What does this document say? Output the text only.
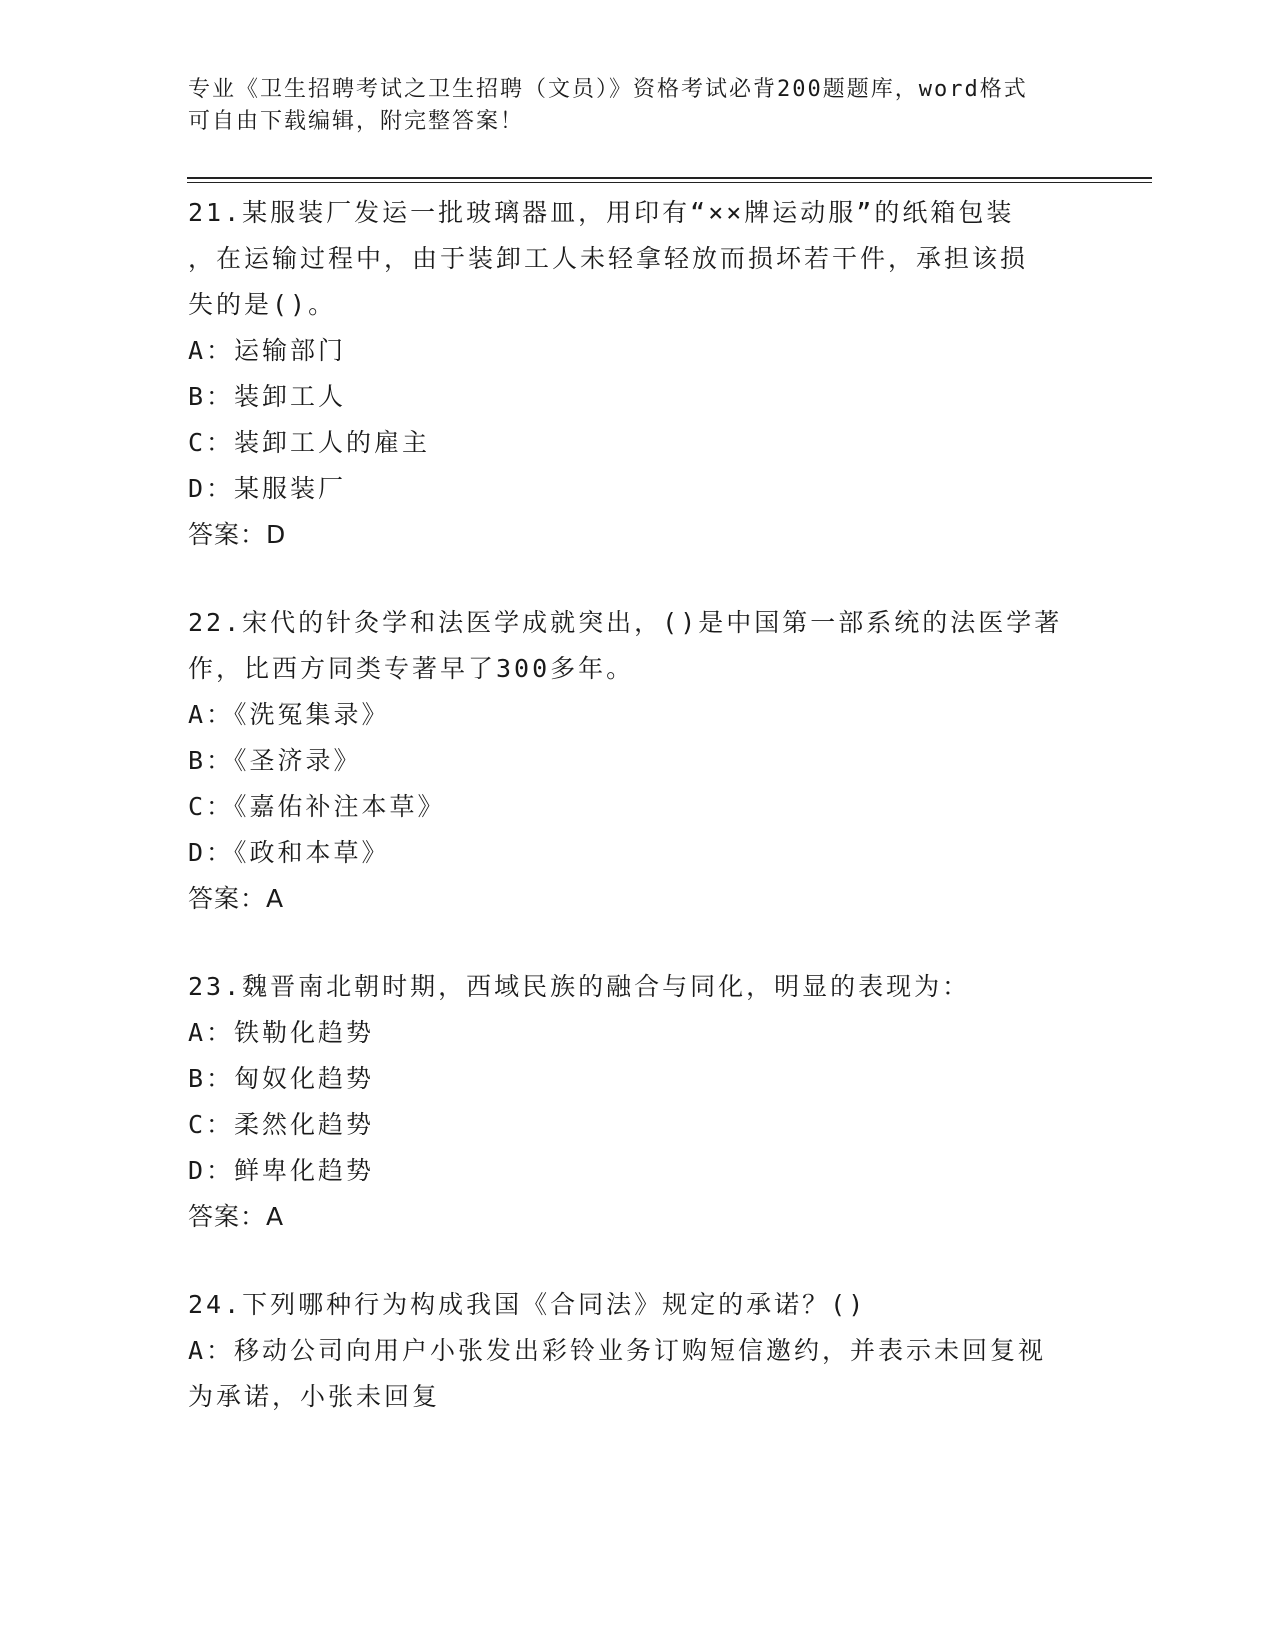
专业《卫生招聘考试之卫生招聘（文员）》资格考试必背200题题库，word格式
可自由下载编辑，附完整答案！
21.某服装厂发运一批玻璃器皿，用印有“××牌运动服”的纸箱包装
，在运输过程中，由于装卸工人未轻拿轻放而损坏若干件，承担该损
失的是()。
A：运输部门
B：装卸工人
C：装卸工人的雇主
D：某服装厂
答案：D
22.宋代的针灸学和法医学成就突出，()是中国第一部系统的法医学著
作，比西方同类专著早了300多年。
A：《洗冤集录》
B：《圣济录》
C：《嘉佑补注本草》
D：《政和本草》
答案：A
23.魏晋南北朝时期，西域民族的融合与同化，明显的表现为：
A：铁勒化趋势
B：匈奴化趋势
C：柔然化趋势
D：鲜卑化趋势
答案：A
24.下列哪种行为构成我国《合同法》规定的承诺？()
A：移动公司向用户小张发出彩铃业务订购短信邀约，并表示未回复视
为承诺，小张未回复
